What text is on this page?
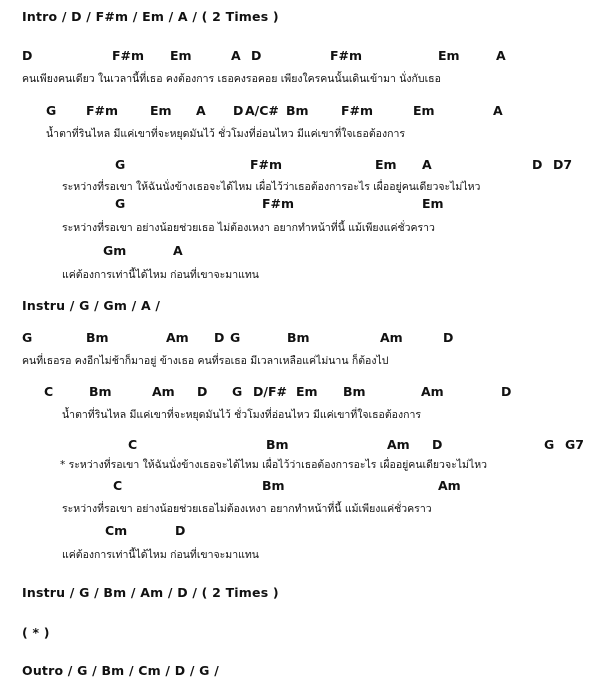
Intro / D / F#m / Em / A / ( 2 Times )
D	F#m Em	A D	F#m	Em	A
คนเพียงคนเดียว ในเวลานี้ที่เธอ คงต้องการ เธอคงรอคอย เพียงใครคนนั้นเดินเข้ามา นั่งกับเธอ
G F#m	Em A D A/C# Bm	F#m	Em	A
น้ำตาที่รินไหล มีแค่เขาที่จะหยุดมันไว้ ชั่วโมงที่อ่อนไหว มีแค่เขาที่ใจเธอต้องการ
G	F#m	Em A	D D7
ระหว่างที่รอเขา ให้ฉันนั่งข้างเธอจะได้ไหม เผื่อไว้ว่าเธอต้องการอะไร เผื่ออยู่คนเดียวจะไม่ไหว
G	F#m	Em
ระหว่างที่รอเขา อย่างน้อยช่วยเธอ ไม่ต้องเหงา อยากทำหน้าที่นี้ แม้เพียงแค่ชั่วคราว
Gm	A
แค่ต้องการเท่านี้ได้ไหม ก่อนที่เขาจะมาแทน
Instru / G / Gm / A /
G	Bm	Am D G	Bm	Am	D
คนที่เธอรอ คงอีกไม่ช้าก็มาอยู่ ข้างเธอ คนที่รอเธอ มีเวลาเหลือแค่ไม่นาน ก็ต้องไป
C	Bm	Am D G D/F# Em Bm	Am	D
น้ำตาที่รินไหล มีแค่เขาที่จะหยุดมันไว้ ชั่วโมงที่อ่อนไหว มีแค่เขาที่ใจเธอต้องการ
C	Bm	Am D	G G7
* ระหว่างที่รอเขา ให้ฉันนั่งข้างเธอจะได้ไหม เผื่อไว้ว่าเธอต้องการอะไร เผื่ออยู่คนเดียวจะไม่ไหว
C	Bm	Am
ระหว่างที่รอเขา อย่างน้อยช่วยเธอไม่ต้องเหงา อยากทำหน้าที่นี้ แม้เพียงแค่ชั่วคราว
Cm	D
แค่ต้องการเท่านี้ได้ไหม ก่อนที่เขาจะมาแทน
Instru / G / Bm / Am / D / ( 2 Times )
( * )
Outro / G / Bm / Cm / D / G /
